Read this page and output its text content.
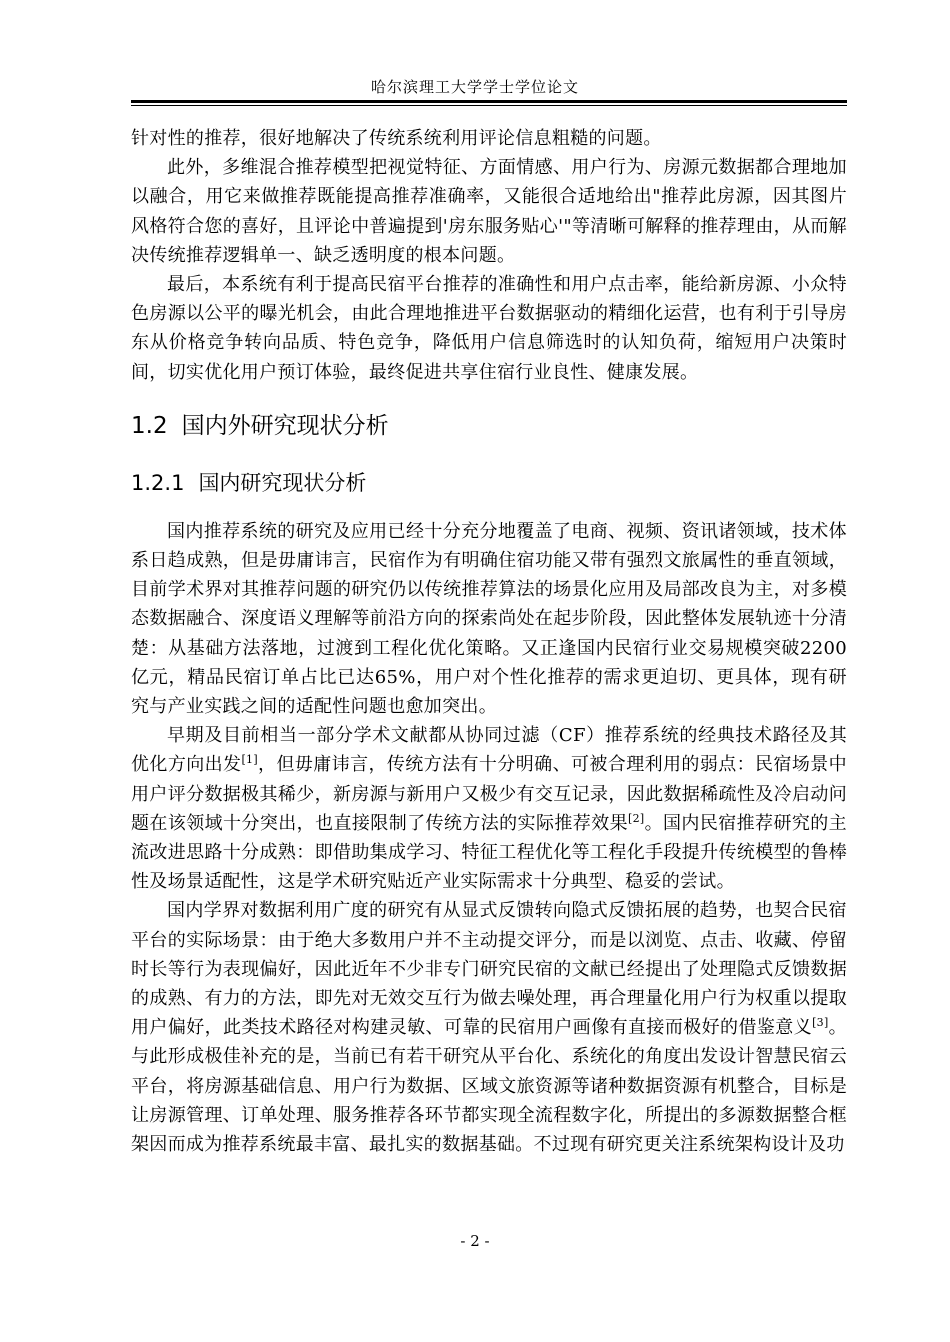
哈尔滨理工大学学士学位论文

针对性的推荐，很好地解决了传统系统利用评论信息粗糙的问题。

此外，多维混合推荐模型把视觉特征、方面情感、用户行为、房源元数据都合理地加以融合，用它来做推荐既能提高推荐准确率，又能很合适地给出"推荐此房源，因其图片风格符合您的喜好，且评论中普遍提到'房东服务贴心'"等清晰可解释的推荐理由，从而解决传统推荐逻辑单一、缺乏透明度的根本问题。

最后，本系统有利于提高民宿平台推荐的准确性和用户点击率，能给新房源、小众特色房源以公平的曝光机会，由此合理地推进平台数据驱动的精细化运营，也有利于引导房东从价格竞争转向品质、特色竞争，降低用户信息筛选时的认知负荷，缩短用户决策时间，切实优化用户预订体验，最终促进共享住宿行业良性、健康发展。

1.2 国内外研究现状分析
1.2.1 国内研究现状分析

国内推荐系统的研究及应用已经十分充分地覆盖了电商、视频、资讯诸领域，技术体系日趋成熟，但是毋庸讳言，民宿作为有明确住宿功能又带有强烈文旅属性的垂直领域，目前学术界对其推荐问题的研究仍以传统推荐算法的场景化应用及局部改良为主，对多模态数据融合、深度语义理解等前沿方向的探索尚处在起步阶段，因此整体发展轨迹十分清楚：从基础方法落地，过渡到工程化优化策略。又正逢国内民宿行业交易规模突破2200亿元，精品民宿订单占比已达65%，用户对个性化推荐的需求更迫切、更具体，现有研究与产业实践之间的适配性问题也愈加突出。

早期及目前相当一部分学术文献都从协同过滤（CF）推荐系统的经典技术路径及其优化方向出发[1]，但毋庸讳言，传统方法有十分明确、可被合理利用的弱点：民宿场景中用户评分数据极其稀少，新房源与新用户又极少有交互记录，因此数据稀疏性及冷启动问题在该领域十分突出，也直接限制了传统方法的实际推荐效果[2]。国内民宿推荐研究的主流改进思路十分成熟：即借助集成学习、特征工程优化等工程化手段提升传统模型的鲁棒性及场景适配性，这是学术研究贴近产业实际需求十分典型、稳妥的尝试。

国内学界对数据利用广度的研究有从显式反馈转向隐式反馈拓展的趋势，也契合民宿平台的实际场景：由于绝大多数用户并不主动提交评分，而是以浏览、点击、收藏、停留时长等行为表现偏好，因此近年不少非专门研究民宿的文献已经提出了处理隐式反馈数据的成熟、有力的方法，即先对无效交互行为做去噪处理，再合理量化用户行为权重以提取用户偏好，此类技术路径对构建灵敏、可靠的民宿用户画像有直接而极好的借鉴意义[3]。与此形成极佳补充的是，当前已有若干研究从平台化、系统化的角度出发设计智慧民宿云平台，将房源基础信息、用户行为数据、区域文旅资源等诸种数据资源有机整合，目标是让房源管理、订单处理、服务推荐各环节都实现全流程数字化，所提出的多源数据整合框架因而成为推荐系统最丰富、最扎实的数据基础。不过现有研究更关注系统架构设计及功

- 2 -
